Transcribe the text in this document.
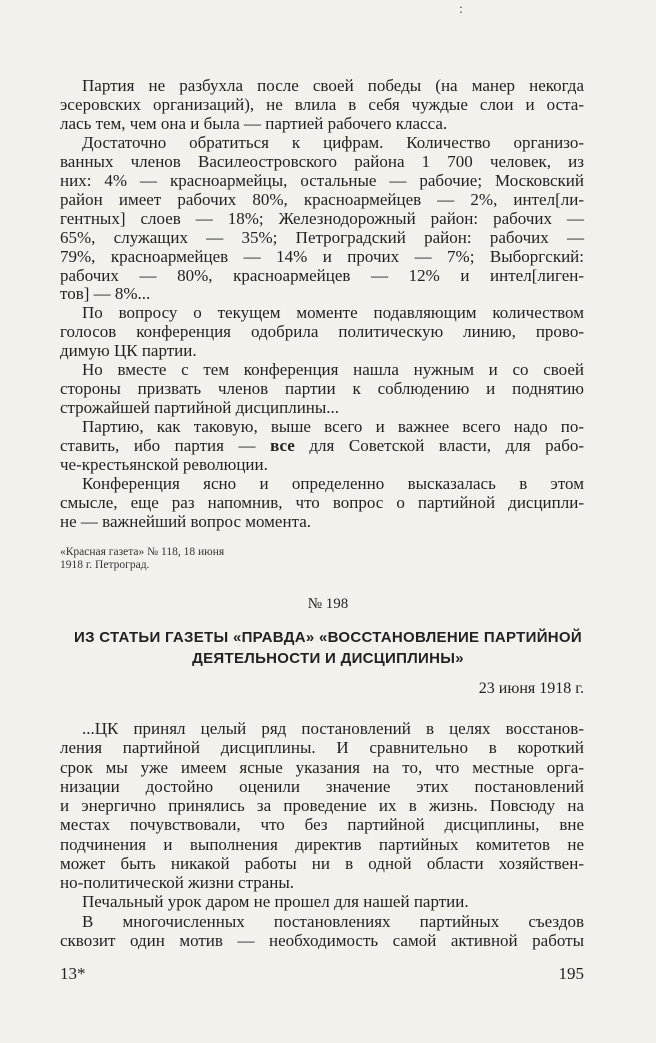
:
Партия не разбухла после своей победы (на манер некогда
эсеровских организаций), не влила в себя чуждые слои и оста-
лась тем, чем она и была — партией рабочего класса.
Достаточно обратиться к цифрам. Количество организо-
ванных членов Василеостровского района 1 700 человек, из
них: 4% — красноармейцы, остальные — рабочие; Московский
район имеет рабочих 80%, красноармейцев — 2%, интел[ли-
гентных] слоев — 18%; Железнодорожный район: рабочих —
65%, служащих — 35%; Петроградский район: рабочих —
79%, красноармейцев — 14% и прочих — 7%; Выборгский:
рабочих — 80%, красноармейцев — 12% и интел[лиген-
тов] — 8%...
По вопросу о текущем моменте подавляющим количеством
голосов конференция одобрила политическую линию, прово-
димую ЦК партии.
Но вместе с тем конференция нашла нужным и со своей
стороны призвать членов партии к соблюдению и поднятию
строжайшей партийной дисциплины...
Партию, как таковую, выше всего и важнее всего надо по-
ставить, ибо партия — все для Советской власти, для рабо-
че-крестьянской революции.
Конференция ясно и определенно высказалась в этом
смысле, еще раз напомнив, что вопрос о партийной дисципли-
не — важнейший вопрос момента.
«Красная газета» № 118, 18 июня
1918 г. Петроград.
№ 198
ИЗ СТАТЬИ ГАЗЕТЫ «ПРАВДА» «ВОССТАНОВЛЕНИЕ ПАРТИЙНОЙ
ДЕЯТЕЛЬНОСТИ И ДИСЦИПЛИНЫ»
23 июня 1918 г.
...ЦК принял целый ряд постановлений в целях восстанов-
ления партийной дисциплины. И сравнительно в короткий
срок мы уже имеем ясные указания на то, что местные орга-
низации достойно оценили значение этих постановлений
и энергично принялись за проведение их в жизнь. Повсюду на
местах почувствовали, что без партийной дисциплины, вне
подчинения и выполнения директив партийных комитетов не
может быть никакой работы ни в одной области хозяйствен-
но-политической жизни страны.
Печальный урок даром не прошел для нашей партии.
В многочисленных постановлениях партийных съездов
сквозит один мотив — необходимость самой активной работы
13*	195
